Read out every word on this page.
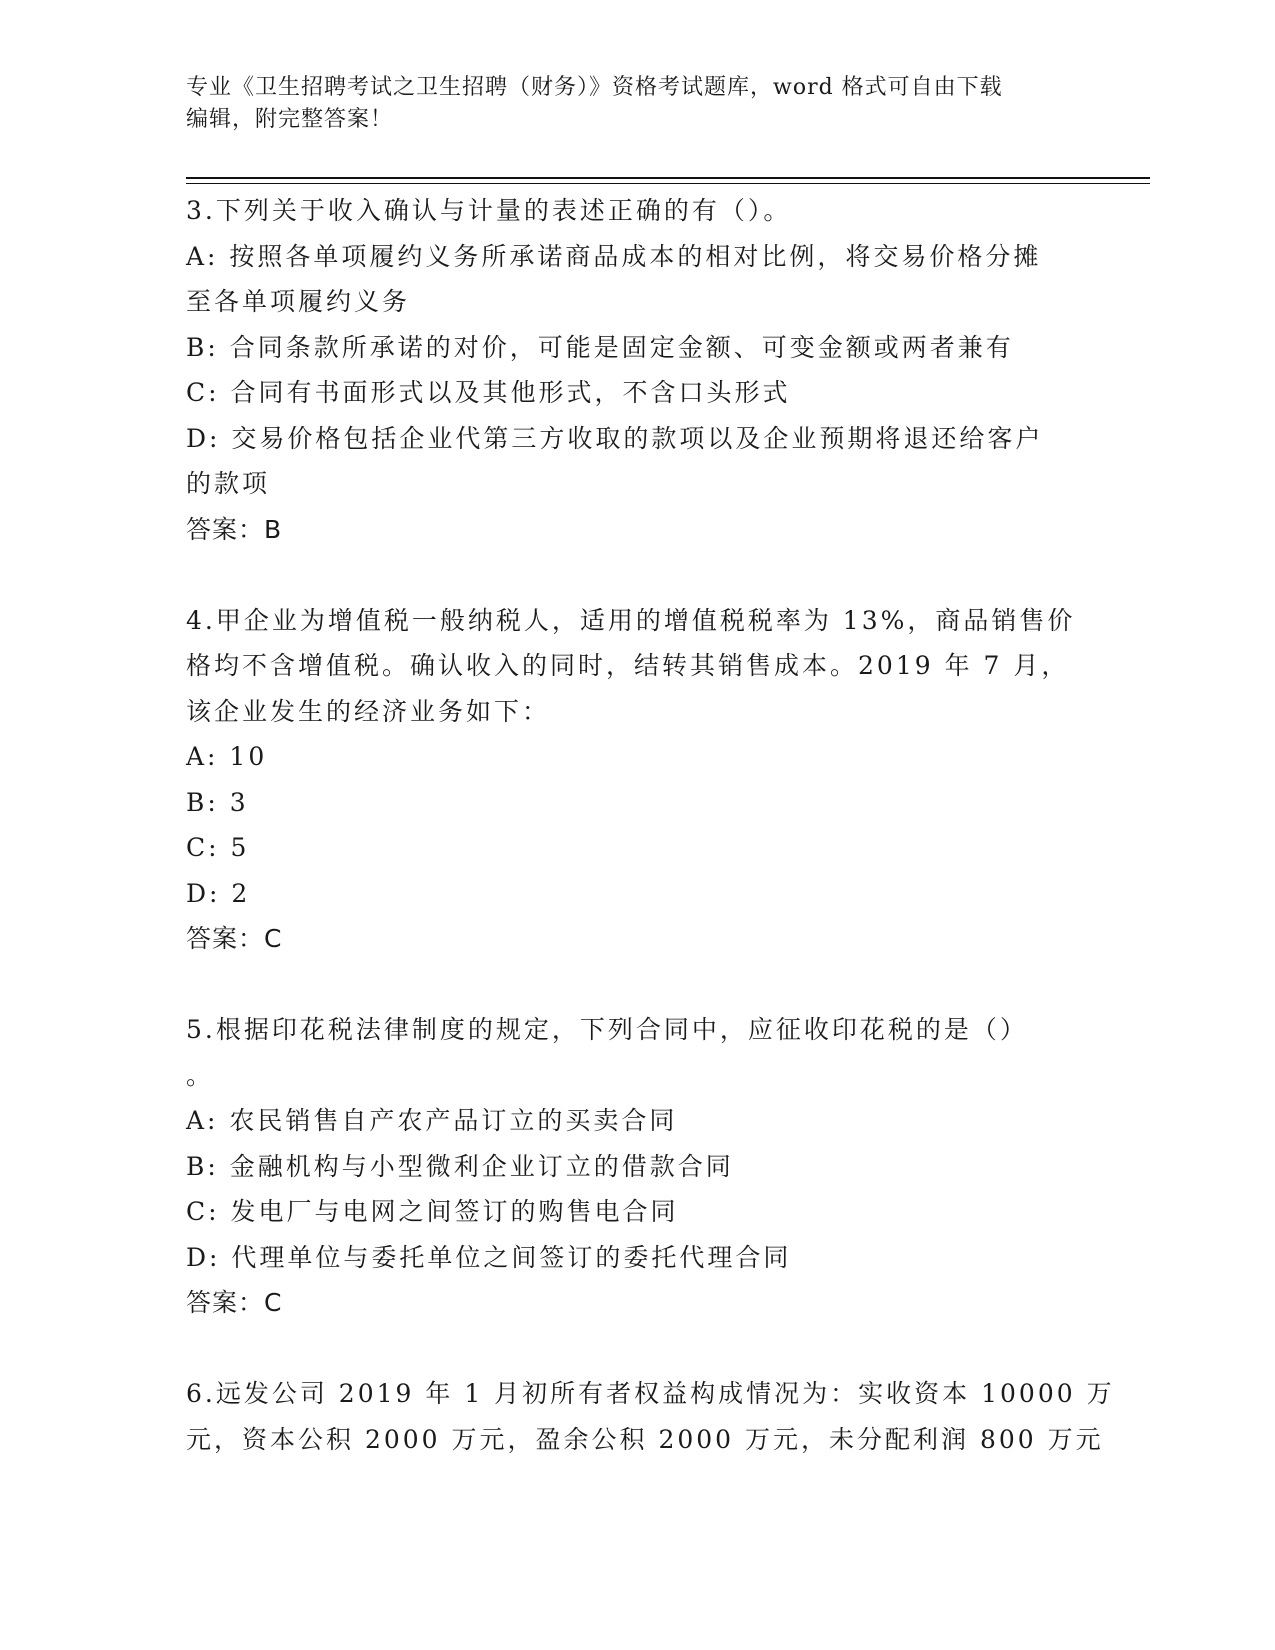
专业《卫生招聘考试之卫生招聘（财务）》资格考试题库，word 格式可自由下载
编辑，附完整答案！
3.下列关于收入确认与计量的表述正确的有（）。
A: 按照各单项履约义务所承诺商品成本的相对比例，将交易价格分摊
至各单项履约义务
B: 合同条款所承诺的对价，可能是固定金额、可变金额或两者兼有
C: 合同有书面形式以及其他形式，不含口头形式
D: 交易价格包括企业代第三方收取的款项以及企业预期将退还给客户
的款项
答案：B
4.甲企业为增值税一般纳税人，适用的增值税税率为 13%，商品销售价
格均不含增值税。确认收入的同时，结转其销售成本。2019 年 7 月，
该企业发生的经济业务如下：
A: 10
B: 3
C: 5
D: 2
答案：C
5.根据印花税法律制度的规定，下列合同中，应征收印花税的是（）
。
A: 农民销售自产农产品订立的买卖合同
B: 金融机构与小型微利企业订立的借款合同
C: 发电厂与电网之间签订的购售电合同
D: 代理单位与委托单位之间签订的委托代理合同
答案：C
6.远发公司 2019 年 1 月初所有者权益构成情况为：实收资本 10000 万
元，资本公积 2000 万元，盈余公积 2000 万元，未分配利润 800 万元
